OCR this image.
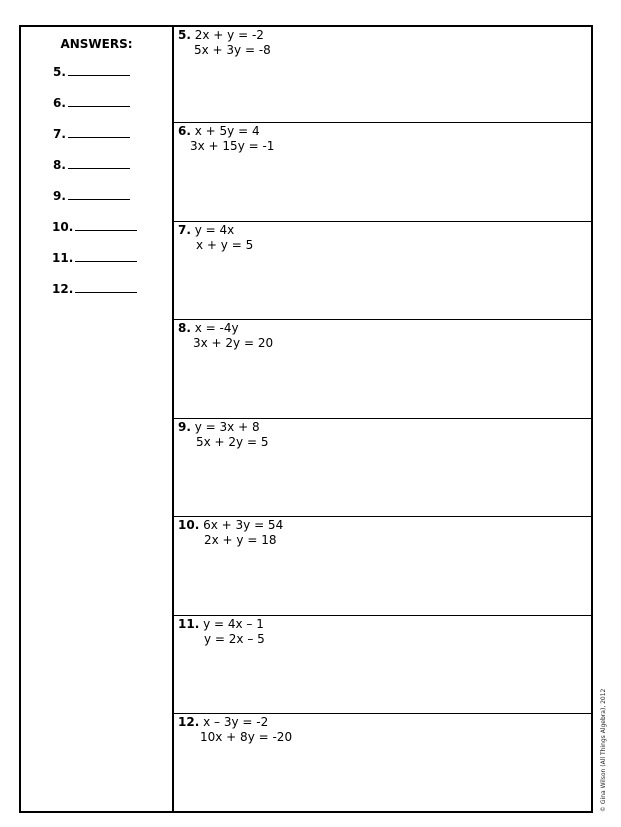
ANSWERS:
5.
6.
7.
8.
9.
10.
11.
12.
5. 2x + y = -2
5x + 3y = -8
6. x + 5y = 4
3x + 15y = -1
7. y = 4x
x + y = 5
8. x = -4y
3x + 2y = 20
9. y = 3x + 8
5x + 2y = 5
10. 6x + 3y = 54
2x + y = 18
11. y = 4x – 1
y = 2x – 5
12. x – 3y = -2
10x + 8y = -20	© Gina Wilson (All Things Algebra), 2012
